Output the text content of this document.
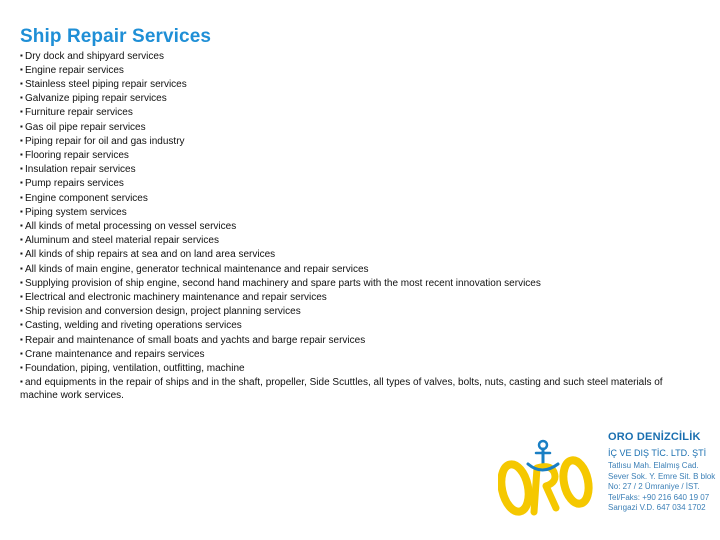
Ship Repair Services
▪ Dry dock and shipyard services
▪ Engine repair services
▪ Stainless steel piping repair services
▪ Galvanize piping repair services
▪ Furniture repair services
▪ Gas oil pipe repair services
▪ Piping repair for oil and gas industry
▪ Flooring repair services
▪ Insulation repair services
▪ Pump repairs services
▪ Engine component services
▪ Piping system services
▪ All kinds of metal processing on vessel services
▪ Aluminum and steel material repair services
▪ All kinds of ship repairs at sea and on land area services
▪ All kinds of main engine, generator technical maintenance and repair services
▪ Supplying provision of ship engine, second hand machinery and spare parts with the most recent innovation services
▪ Electrical and electronic machinery maintenance and repair services
▪ Ship revision and conversion design, project planning services
▪ Casting, welding and riveting operations services
▪ Repair and maintenance of small boats and yachts and barge repair services
▪ Crane maintenance and repairs services
▪ Foundation, piping, ventilation, outfitting, machine
▪ and equipments in the repair of ships and in the shaft, propeller, Side Scuttles, all types of valves, bolts, nuts, casting and such steel materials of machine work services.
ORO DENİZCİLİK
İÇ VE DIŞ TİC. LTD. ŞTİ
Tatlısu Mah. Elalmış Cad.
Sever Sok. Y. Emre Sit. B blok
No: 27 / 2 Ümraniye / İST.
Tel/Faks: +90 216 640 19 07
Sarıgazi V.D. 647 034 1702
